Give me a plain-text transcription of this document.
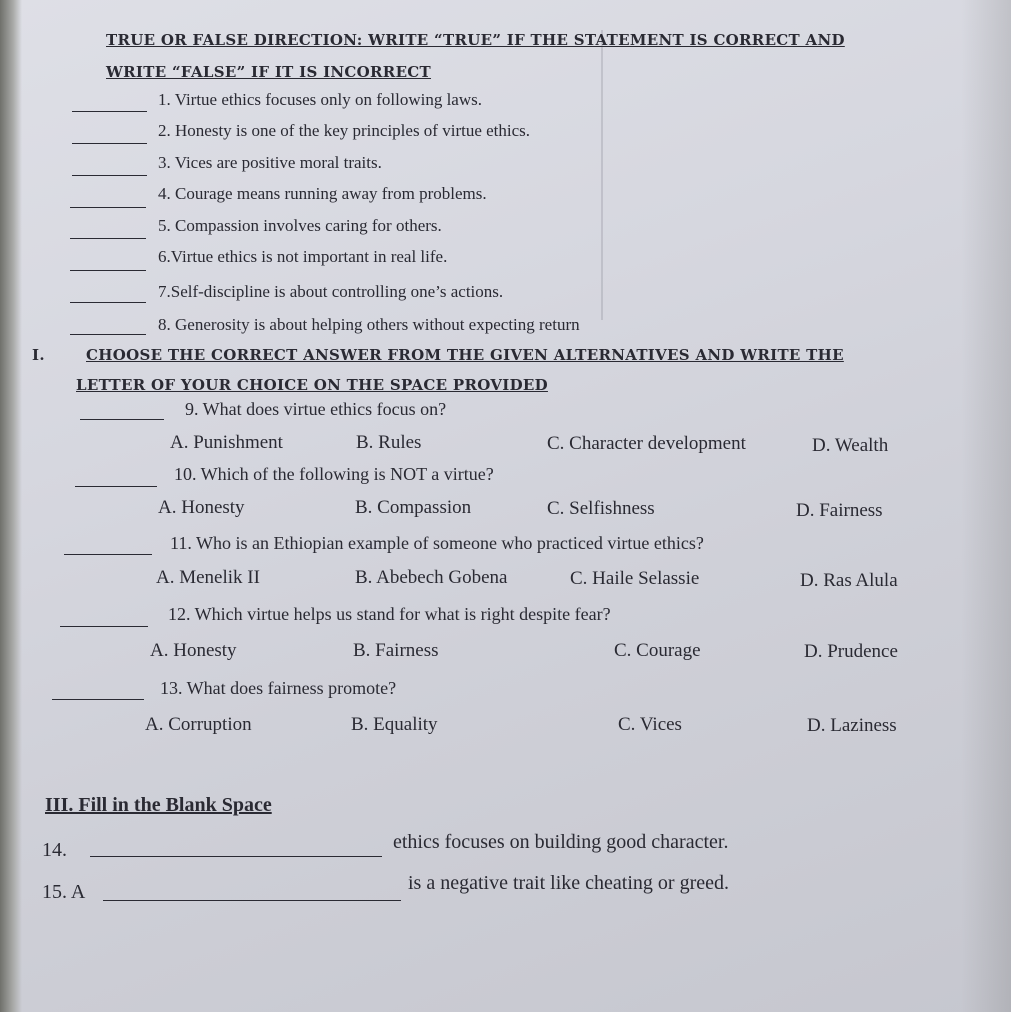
TRUE OR FALSE DIRECTION: WRITE “TRUE” IF THE STATEMENT IS CORRECT AND
WRITE “FALSE” IF IT IS INCORRECT
1. Virtue ethics focuses only on following laws.
2. Honesty is one of the key principles of virtue ethics.
3. Vices are positive moral traits.
4. Courage means running away from problems.
5. Compassion involves caring for others.
6.Virtue ethics is not important in real life.
7.Self-discipline is about controlling one’s actions.
8. Generosity is about helping others without expecting return
I.	CHOOSE THE CORRECT ANSWER FROM THE GIVEN ALTERNATIVES AND WRITE THE
LETTER OF YOUR CHOICE ON THE SPACE PROVIDED
9. What does virtue ethics focus on?
A. Punishment	B. Rules	C. Character development	D. Wealth
10. Which of the following is NOT a virtue?
A. Honesty	B. Compassion	C. Selfishness	D. Fairness
11. Who is an Ethiopian example of someone who practiced virtue ethics?
A. Menelik II	B. Abebech Gobena	C. Haile Selassie	D. Ras Alula
12. Which virtue helps us stand for what is right despite fear?
A. Honesty	B. Fairness	C. Courage	D. Prudence
13. What does fairness promote?
A. Corruption	B. Equality	C. Vices	D. Laziness
III. Fill in the Blank Space
14.	ethics focuses on building good character.
15. A	is a negative trait like cheating or greed.
